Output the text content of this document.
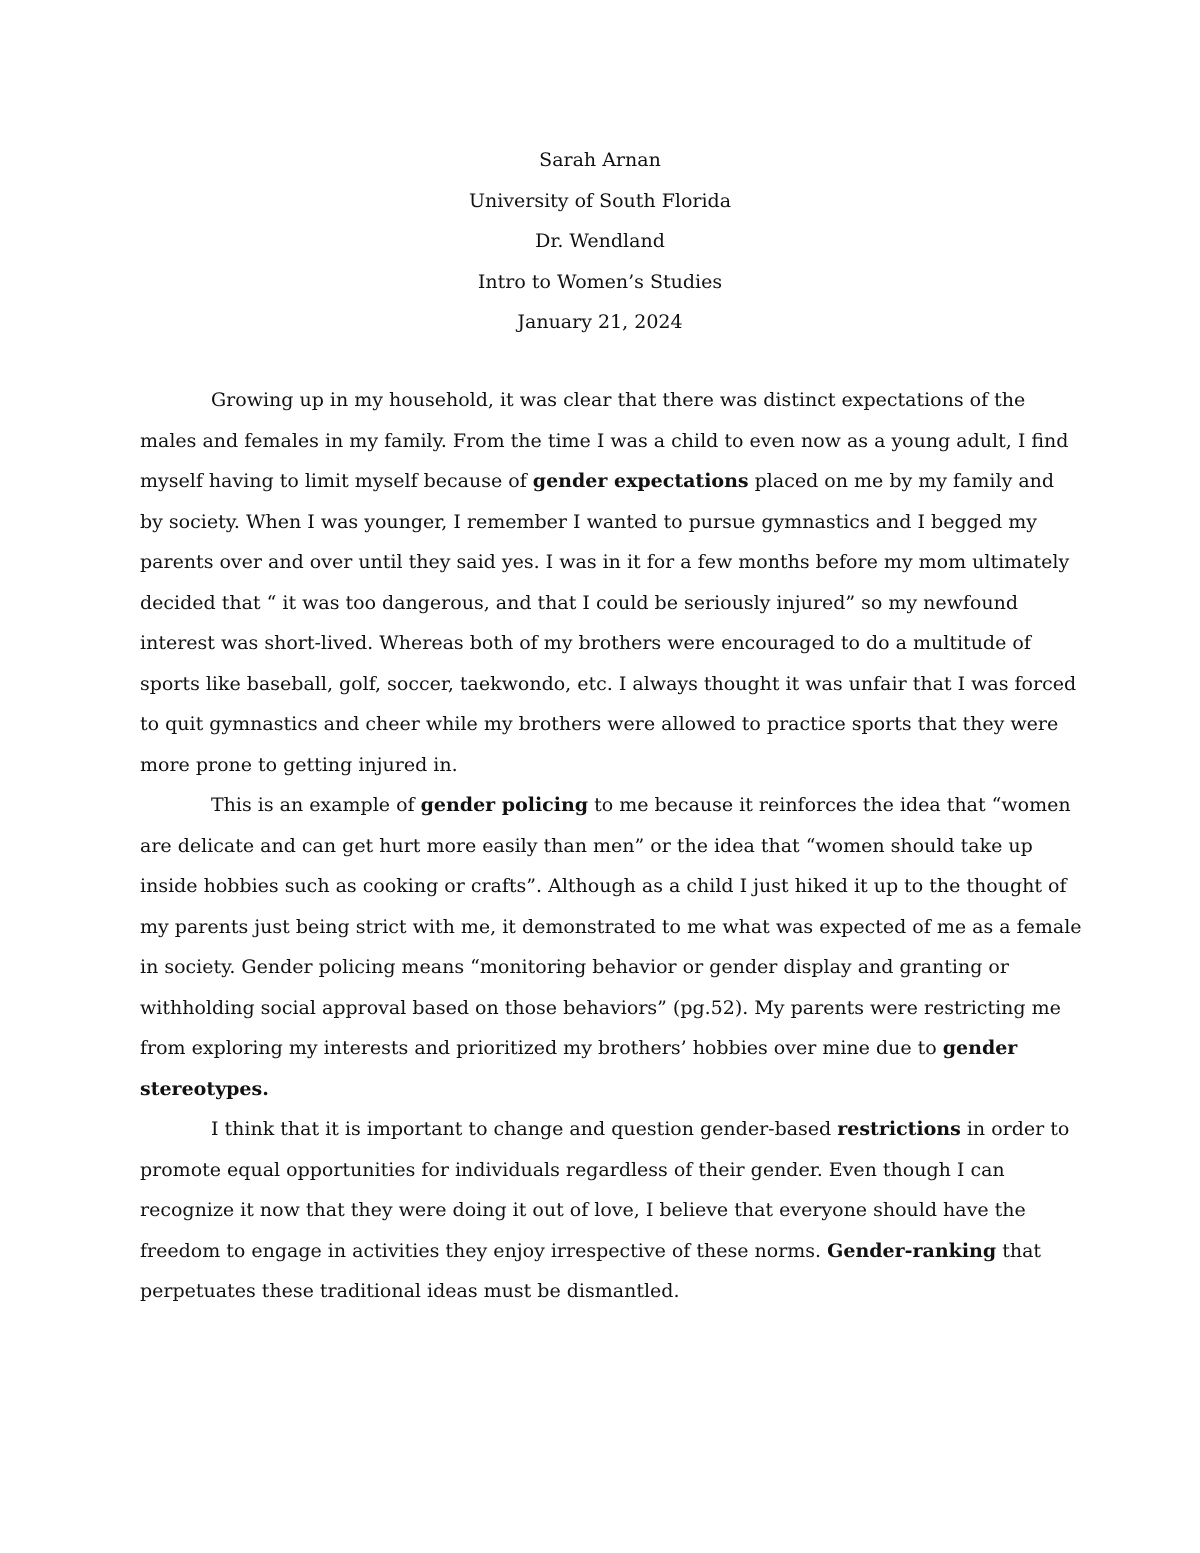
Sarah Arnan
University of South Florida
Dr. Wendland
Intro to Women’s Studies
January 21, 2024
Growing up in my household, it was clear that there was distinct expectations of the
males and females in my family. From the time I was a child to even now as a young adult, I find
myself having to limit myself because of gender expectations placed on me by my family and
by society. When I was younger, I remember I wanted to pursue gymnastics and I begged my
parents over and over until they said yes. I was in it for a few months before my mom ultimately
decided that “ it was too dangerous, and that I could be seriously injured” so my newfound
interest was short-lived. Whereas both of my brothers were encouraged to do a multitude of
sports like baseball, golf, soccer, taekwondo, etc. I always thought it was unfair that I was forced
to quit gymnastics and cheer while my brothers were allowed to practice sports that they were
more prone to getting injured in.
This is an example of gender policing to me because it reinforces the idea that “women
are delicate and can get hurt more easily than men” or the idea that “women should take up
inside hobbies such as cooking or crafts”. Although as a child I just hiked it up to the thought of
my parents just being strict with me, it demonstrated to me what was expected of me as a female
in society. Gender policing means “monitoring behavior or gender display and granting or
withholding social approval based on those behaviors” (pg.52). My parents were restricting me
from exploring my interests and prioritized my brothers’ hobbies over mine due to gender
stereotypes.
I think that it is important to change and question gender-based restrictions in order to
promote equal opportunities for individuals regardless of their gender. Even though I can
recognize it now that they were doing it out of love, I believe that everyone should have the
freedom to engage in activities they enjoy irrespective of these norms. Gender-ranking that
perpetuates these traditional ideas must be dismantled.
